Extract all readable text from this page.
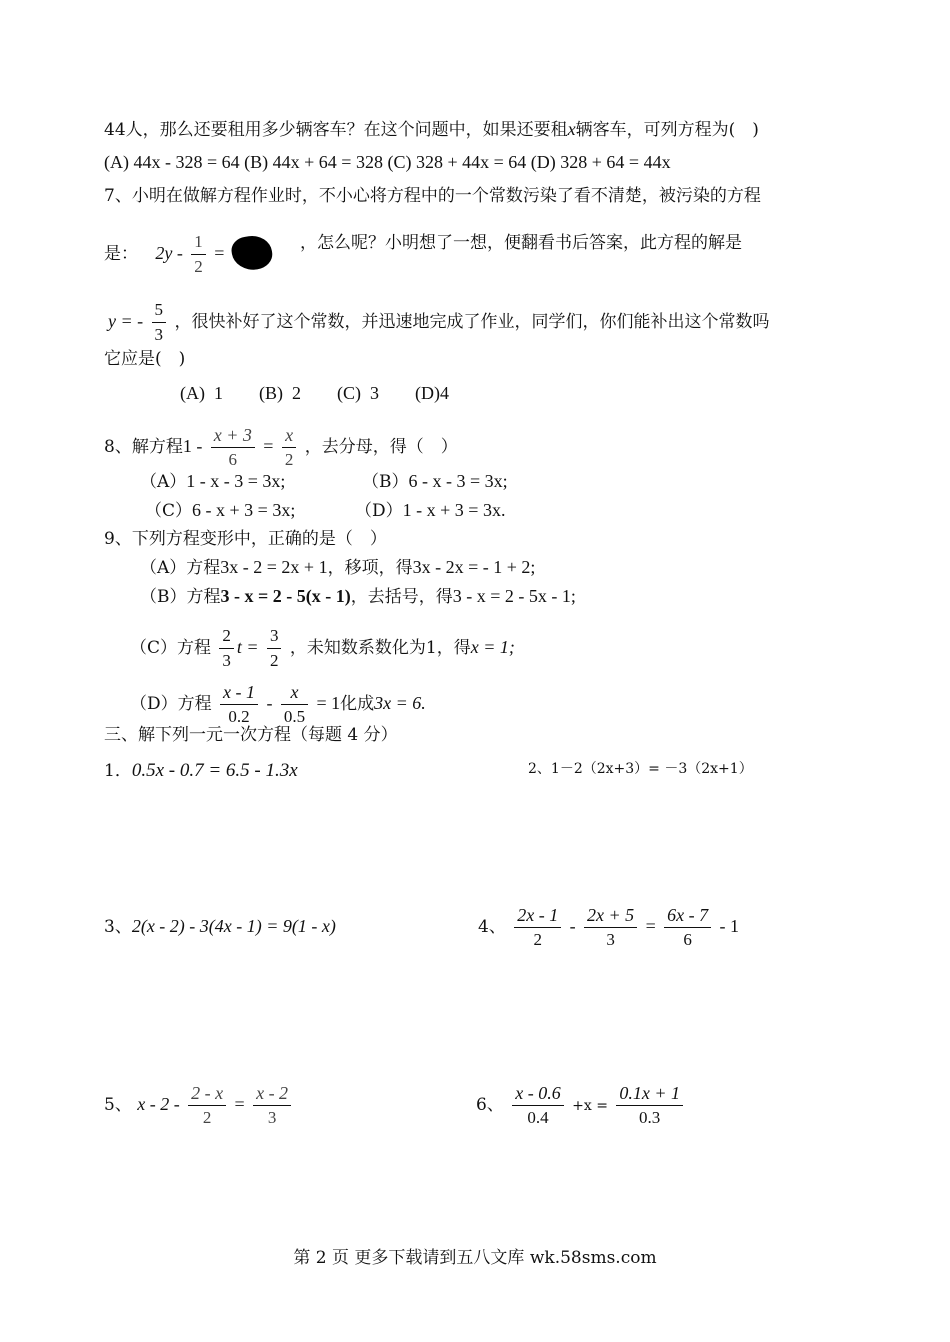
44人，那么还要租用多少辆客车？在这个问题中，如果还要租x辆客车，可列方程为(　)
(A) 44x - 328 = 64 (B) 44x + 64 = 328 (C) 328 + 44x = 64 (D) 328 + 64 = 44x
7、小明在做解方程作业时，不小心将方程中的一个常数污染了看不清楚，被污染的方程
是： $2y - \frac{1}{2}$ =	，怎么呢？小明想了一想，便翻看书后答案，此方程的解是
y = - $\frac{5}{3}$ ，很快补好了这个常数，并迅速地完成了作业，同学们，你们能补出这个常数吗
它应是(　)
(A)  1        (B)  2        (C)  3        (D)4
8、解方程$1 - \frac{x + 3}{6} = \frac{x}{2}$ ，去分母，得（　）
（A）1 - x - 3 = 3x;	（B）6 - x - 3 = 3x;
（C）6 - x + 3 = 3x;	（D）1 - x + 3 = 3x.
9、下列方程变形中，正确的是（　）
（A）方程3x - 2 = 2x + 1，移项，得3x - 2x = - 1 + 2;
（B）方程3 - x = 2 - 5(x - 1)，去括号，得3 - x = 2 - 5x - 1;
（C）方程 $\frac{2}{3}$ $t = \frac{3}{2}$ ，未知数系数化为1，得x = 1;
（D）方程 $\frac{x - 1}{0.2} - \frac{x}{0.5} = 1$化成3x = 6.
三、解下列一元一次方程（每题 4 分）
1．0.5x - 0.7 = 6.5 - 1.3x	2、1－2（2x+3）= －3（2x+1）
3、2(x - 2) - 3(4x - 1) = 9(1 - x)	4、 $\frac{2x - 1}{2} - \frac{2x + 5}{3} = \frac{6x - 7}{6} - 1$
5、 $x - 2 - \frac{2 - x}{2} = \frac{x - 2}{3}$	6、 $\frac{x - 0.6}{0.4} +x = \frac{0.1x + 1}{0.3}$
第 2 页 更多下载请到五八文库 wk.58sms.com
